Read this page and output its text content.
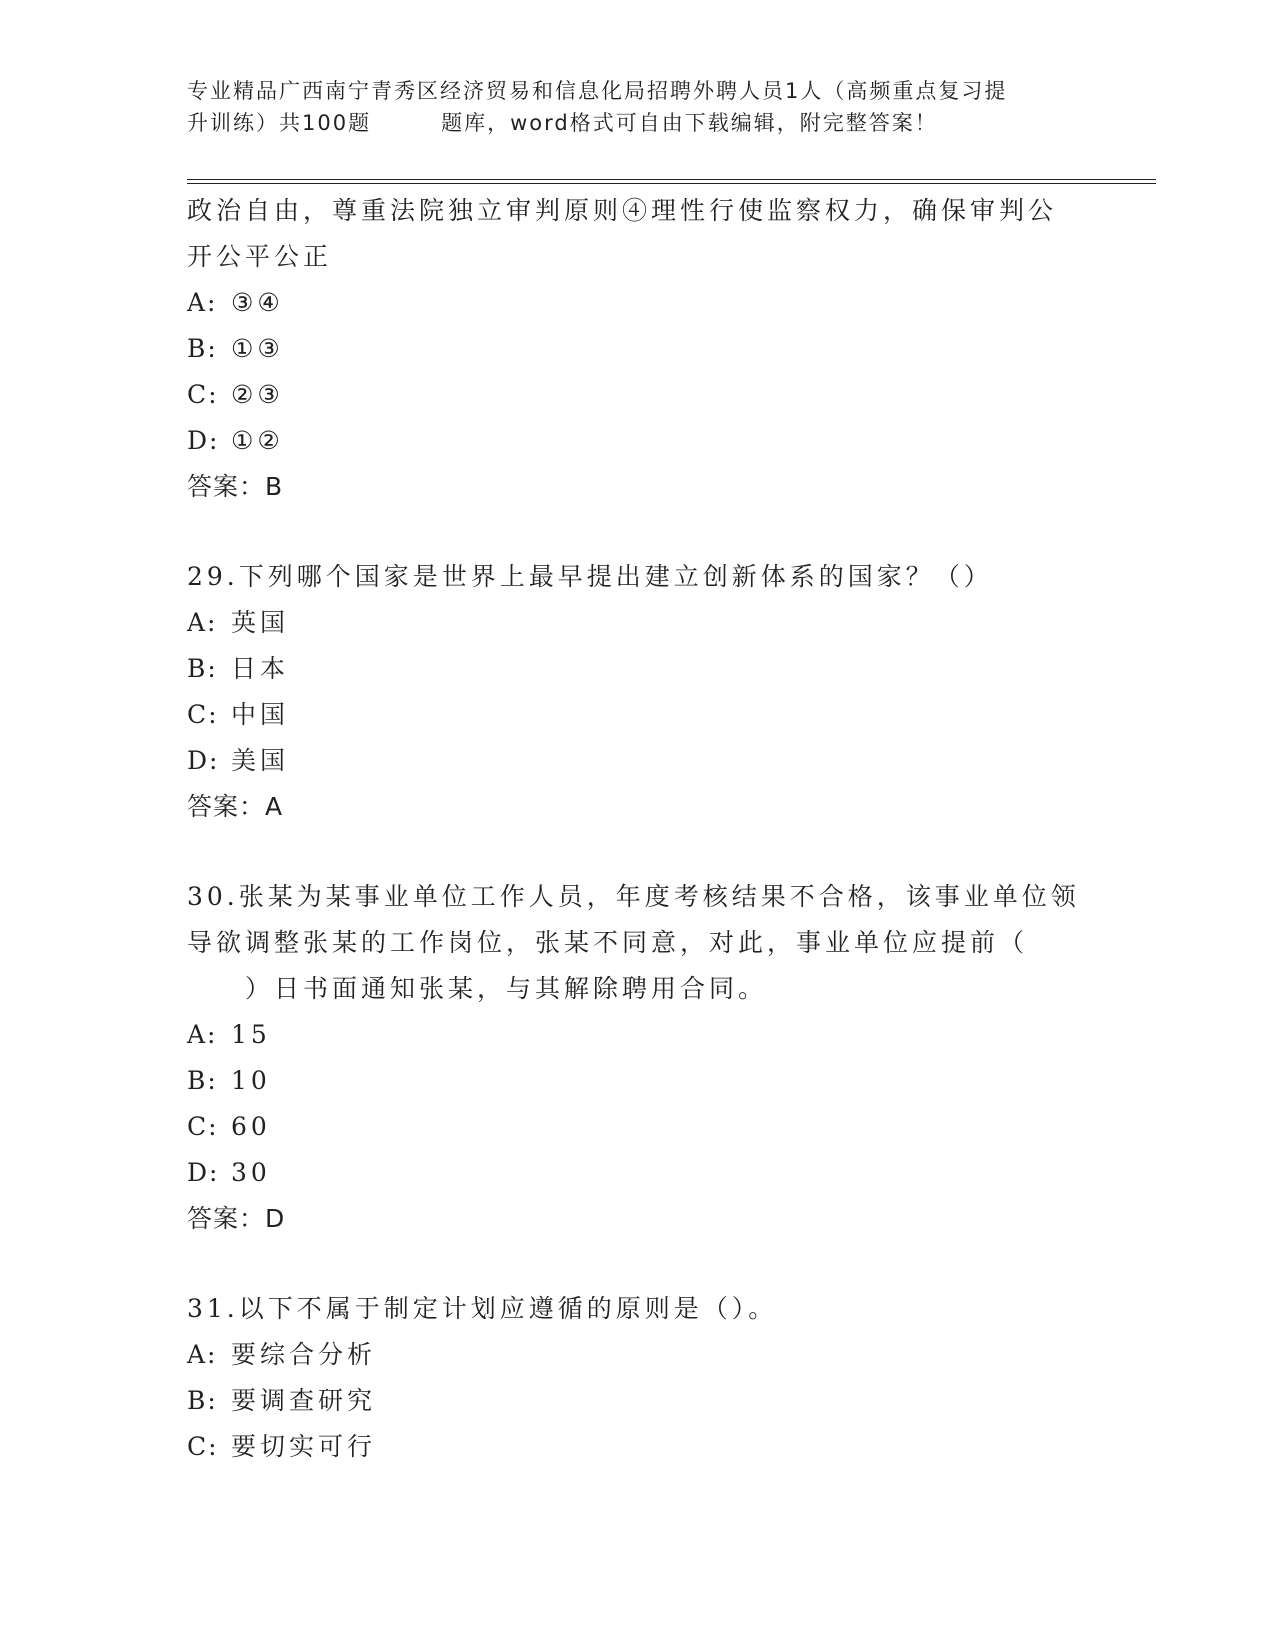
专业精品广西南宁青秀区经济贸易和信息化局招聘外聘人员1人（高频重点复习提
升训练）共100题	题库，word格式可自由下载编辑，附完整答案！
政治自由，尊重法院独立审判原则④理性行使监察权力，确保审判公
开公平公正
A: ③④
B: ①③
C: ②③
D: ①②
答案：B
29.下列哪个国家是世界上最早提出建立创新体系的国家？（）
A: 英国
B: 日本
C: 中国
D: 美国
答案：A
30.张某为某事业单位工作人员，年度考核结果不合格，该事业单位领
导欲调整张某的工作岗位，张某不同意，对此，事业单位应提前（
）日书面通知张某，与其解除聘用合同。
A: 15
B: 10
C: 60
D: 30
答案：D
31.以下不属于制定计划应遵循的原则是（）。
A: 要综合分析
B: 要调查研究
C: 要切实可行
